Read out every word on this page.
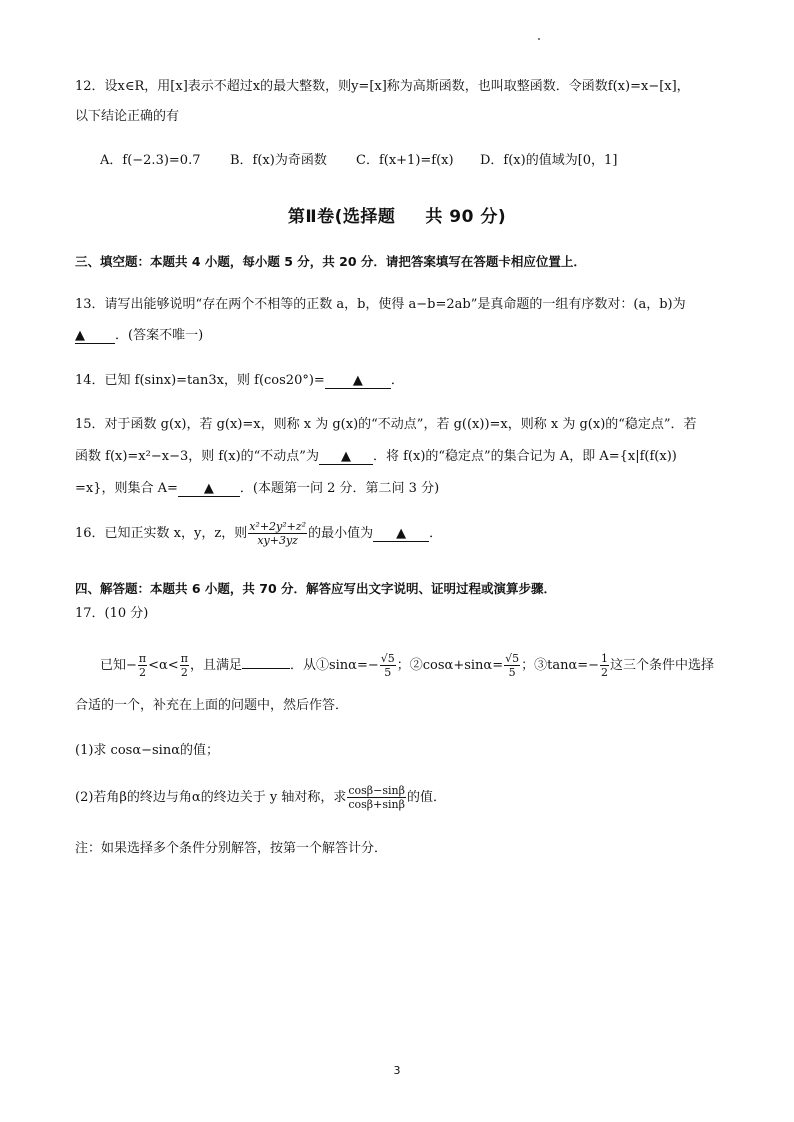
12．设x∈R，用[x]表示不超过x的最大整数，则y=[x]称为高斯函数，也叫取整函数．令函数f(x)=x−[x]，
以下结论正确的有
A．f(−2.3)=0.7 B．f(x)为奇函数 C．f(x+1)=f(x) D．f(x)的值域为[0，1]
第Ⅱ卷(选择题 共 90 分)
三、填空题：本题共 4 小题，每小题 5 分，共 20 分．请把答案填写在答题卡相应位置上．
13．请写出能够说明“存在两个不相等的正数 a，b，使得 a−b=2ab”是真命题的一组有序数对：(a，b)为
▲ ．(答案不唯一)
14．已知 f(sinx)=tan3x，则 f(cos20°)= ▲ ．
15．对于函数 g(x)，若 g(x)=x，则称 x 为 g(x)的“不动点”，若 g((x))=x，则称 x 为 g(x)的“稳定点”．若
函数 f(x)=x²−x−3，则 f(x)的“不动点”为 ▲ ．将 f(x)的“稳定点”的集合记为 A，即 A={x|f(f(x))
=x}，则集合 A= ▲ ．(本题第一问 2 分．第二问 3 分)
16．已知正实数 x，y，z，则 $\frac{\text{x²+2y²+z²}}{xy+3yz}$ 的最小值为 ▲ ．
四、解答题：本题共 6 小题，共 70 分．解答应写出文字说明、证明过程或演算步骤．
17．(10 分)
已知− $\frac{\pi}{2} <\alpha< \frac{\pi}{2}$ ，且满足	．从①sinα=− $\frac{√5}{5}$ ；②cosα+sinα= $\frac{√5}{5}$ ；③tanα=− $\frac{1}{2}$ 这三个条件中选择
合适的一个，补充在上面的问题中，然后作答．
(1)求 cosα−sinα的值；
(2)若角β的终边与角α的终边关于 y 轴对称，求 $\frac{\cos\beta-\sin\beta}{\cos\beta+\sin\beta}$ 的值．
注：如果选择多个条件分别解答，按第一个解答计分．
3
